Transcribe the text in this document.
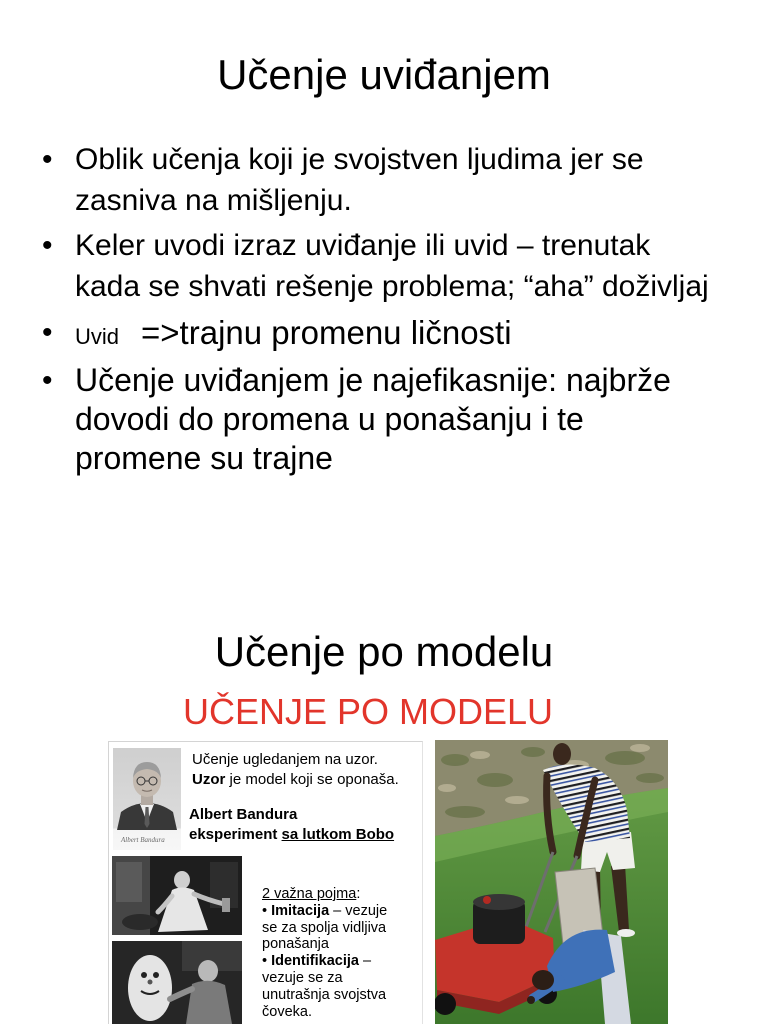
Učenje uviđanjem
•
Oblik učenja koji je svojstven ljudima jer se
zasniva na mišljenju.
•
Keler uvodi izraz uviđanje ili uvid – trenutak
kada se shvati rešenje problema; “aha” doživljaj
•
Uvid =>trajnu promenu ličnosti
•
Učenje uviđanjem je najefikasnije: najbrže
dovodi do promena u ponašanju i te
promene su trajne
Učenje po modelu
UČENJE PO MODELU
Albert Bandura
Učenje ugledanjem na uzor.
Uzor je model koji se oponaša.
Albert Bandura
eksperiment sa lutkom Bobo
2 važna pojma:
• Imitacija – vezuje
se za spolja vidljiva
ponašanja
• Identifikacija –
vezuje se za
unutrašnja svojstva
čoveka.
